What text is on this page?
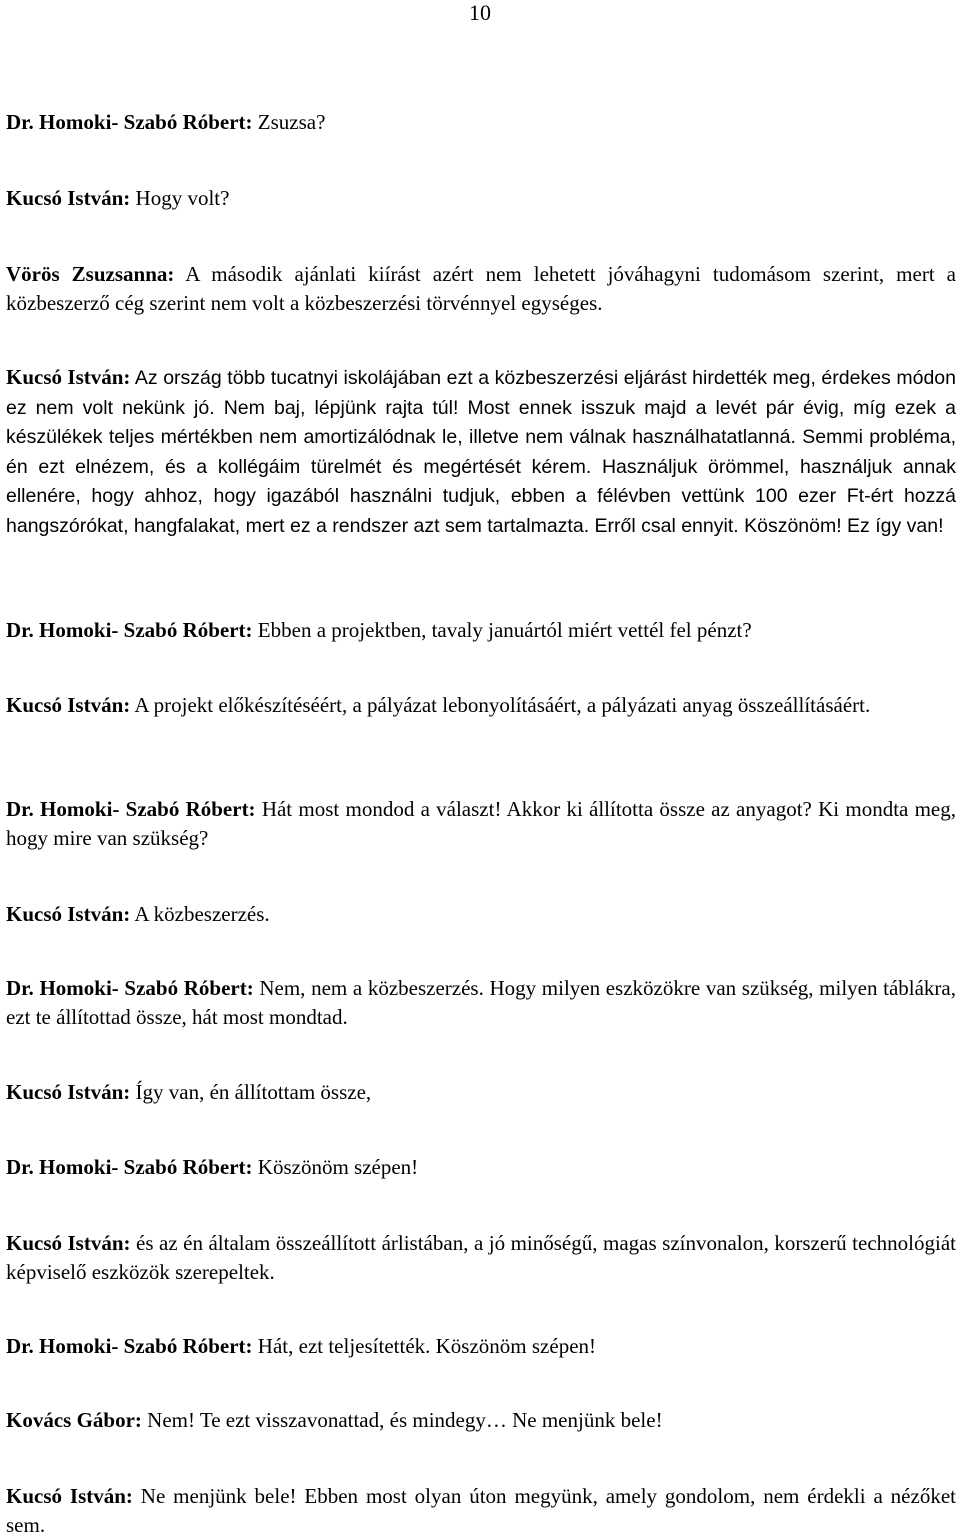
10

Dr. Homoki- Szabó Róbert: Zsuzsa?

Kucsó István: Hogy volt?

Vörös Zsuzsanna: A második ajánlati kiírást azért nem lehetett jóváhagyni tudomásom szerint, mert a közbeszerző cég szerint nem volt a közbeszerzési törvénnyel egységes.

Kucsó István: Az ország több tucatnyi iskolájában ezt a közbeszerzési eljárást hirdették meg, érdekes módon ez nem volt nekünk jó. Nem baj, lépjünk rajta túl! Most ennek isszuk majd a levét pár évig, míg ezek a készülékek teljes mértékben nem amortizálódnak le, illetve nem válnak használhatatlanná. Semmi probléma, én ezt elnézem, és a kollégáim türelmét és megértését kérem. Használjuk örömmel, használjuk annak ellenére, hogy ahhoz, hogy igazából használni tudjuk, ebben a félévben vettünk 100 ezer Ft-ért hozzá hangszórókat, hangfalakat, mert ez a rendszer azt sem tartalmazta. Erről csal ennyit. Köszönöm! Ez így van!

Dr. Homoki- Szabó Róbert: Ebben a projektben, tavaly januártól miért vettél fel pénzt?

Kucsó István: A projekt előkészítéséért, a pályázat lebonyolításáért, a pályázati anyag összeállításáért.

Dr. Homoki- Szabó Róbert: Hát most mondod a választ! Akkor ki állította össze az anyagot? Ki mondta meg, hogy mire van szükség?

Kucsó István: A közbeszerzés.

Dr. Homoki- Szabó Róbert: Nem, nem a közbeszerzés. Hogy milyen eszközökre van szükség, milyen táblákra, ezt te állítottad össze, hát most mondtad.

Kucsó István: Így van, én állítottam össze,

Dr. Homoki- Szabó Róbert: Köszönöm szépen!

Kucsó István: és az én általam összeállított árlistában, a jó minőségű, magas színvonalon, korszerű technológiát képviselő eszközök szerepeltek.

Dr. Homoki- Szabó Róbert: Hát, ezt teljesítették. Köszönöm szépen!

Kovács Gábor: Nem! Te ezt visszavonattad, és mindegy… Ne menjünk bele!

Kucsó István: Ne menjünk bele! Ebben most olyan úton megyünk, amely gondolom, nem érdekli a nézőket sem.
